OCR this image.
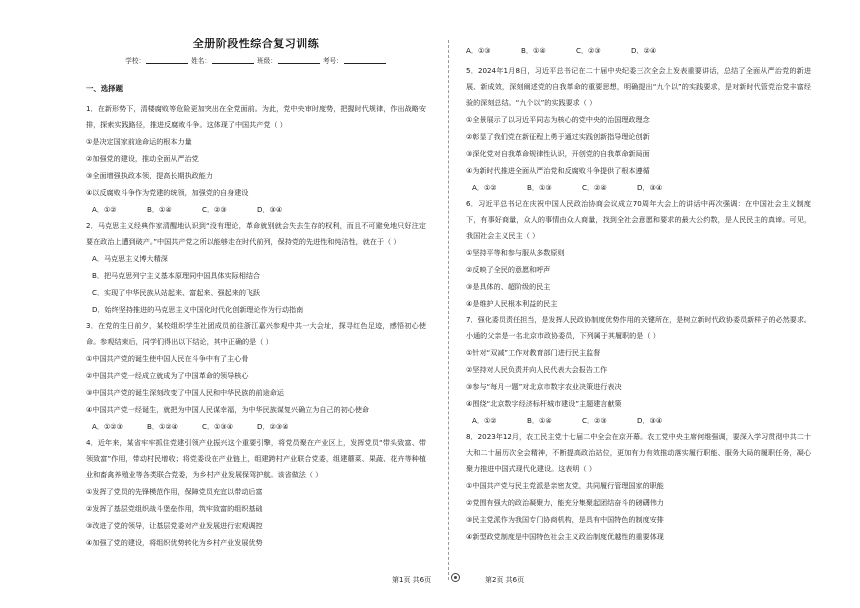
全册阶段性综合复习训练
学校：	姓名：	班级：	考号：
一、选择题
1．在新形势下，清楼腐败等危险更加突出在全党面前。为此，党中央审时度势，把握时代规律，作出战略安排，探索实践路径，推进反腐败斗争。这体现了中国共产党（ ）
①是决定国家前途命运的根本力量
②加强党的建设，推动全面从严治党
③全面增强执政本领，提高长期执政能力
④以反腐败斗争作为党建的统领，加强党的自身建设
A．①②	B．①④	C．②③	D．③④
2．马克思主义经典作家清醒地认识到“没有理论，革命就别就会失去生存的权利，而且不可避免地只好注定要在政治上遭到破产。”中国共产党之所以能够走在时代前列，保持党的先进性和纯洁性，就在于（ ）
A．马克思主义博大精深
B．把马克思列宁主义基本原理同中国具体实际相结合
C．实现了中华民族从站起来、富起来、强起来的飞跃
D．始终坚持推进的马克思主义中国化时代化创新理论作为行动指南
3．在党的生日前夕，某校组织学生社团成员前往浙江嘉兴参观中共一大会址，探寻红色足迹，感悟初心使命。参观结束后，同学们得出以下结论，其中正确的是（ ）
①中国共产党的诞生使中国人民在斗争中有了主心骨
②中国共产党一经成立就成为了中国革命的领导核心
③中国共产党的诞生深刻改变了中国人民和中华民族的前途命运
④中国共产党一经诞生，就把为中国人民谋幸福，为中华民族谋复兴确立为自己的初心使命
A．①②③	B．①②④	C．①③④	D．②③④
4．近年来，某省牢牢抓住党建引领产业振兴这个重要引擎，将党员聚在产业区上，发挥党员“带头致富、带领致富”作用，带动村民增收；将党委设在产业链上，组建跨村产业联合党委，组建蘑菜、果蔬、花卉等种植业和畜禽养殖业等各类联合党委，为乡村产业发展保驾护航。该省做法（ ）
①发挥了党员的先锋模范作用，保障党员充宜以带动后富
②发挥了基层党组织战斗堡垒作用，筑牢致富的组织基础
③改进了党的领导，让基层党委对产业发展进行宏观调控
④加强了党的建设，将组织优势转化为乡村产业发展优势
A．①③	B．①④	C．②③	D．②④
5．2024年1月8日，习近平总书记在二十届中央纪委三次全会上发表重要讲话，总结了全面从严治党的新进展、新成效，深刻阐述党的自我革命的重要思想，明确提出“九个以”的实践要求，是对新时代管党治党丰富经验的深刻总结。“九个以”的实践要求（ ）
①全景展示了以习近平同志为核心的党中央的治国理政理念
②彰显了我们党在新征程上勇于通过实践创新指导理论创新
③深化党对自我革命规律性认识，开创党的自我革命新局面
④为新时代推进全面从严治党和反腐败斗争提供了根本遵循
A．①②	B．①③	C．②④	D．③④
6．习近平总书记在庆祝中国人民政治协商会议成立70周年大会上的讲话中再次强调：在中国社会主义制度下，有事好商量，众人的事情由众人商量，找到全社会意愿和要求的最大公约数，是人民民主的真谛。可见，我国社会主义民主（ ）
①坚持平等和参与服从多数原则
②反映了全民的意愿和呼声
③是具体的、超阶级的民主
④是维护人民根本利益的民主
7．强化委员责任担当，是发挥人民政协制度优势作用的关键所在，是树立新时代政协委员新样子的必然要求。小通的父亲是一名北京市政协委员，下列属于其履职的是（ ）
①针对“双减”工作对教育部门进行民主监督
②坚持对人民负责并向人民代表大会报告工作
③参与“每月一题”对北京市数字农业决策进行表决
④围绕“北京数字经济标杆城市建设”主题建言献策
A．①②	B．①④	C．②③	D．③④
8．2023年12月，农工民主党十七届二中全会在京开幕。农工党中央主席何维强调，要深入学习贯彻中共二十大和二十届历次全会精神，不断提高政治站位，更加有力有效推动落实履行职能、服务大局的履职任务，凝心聚力推进中国式现代化建设。这表明（ ）
①中国共产党与民主党派是亲密友党，共同履行管理国家的职能
②党围有强大的政治凝聚力，能充分集聚起团结奋斗的磅礴伟力
③民主党派作为我国专门协商机构，是具有中国特色的制度安排
④新型政党制度是中国特色社会主义政治制度优越性的重要体现
第1页 共6页	第2页 共6页
